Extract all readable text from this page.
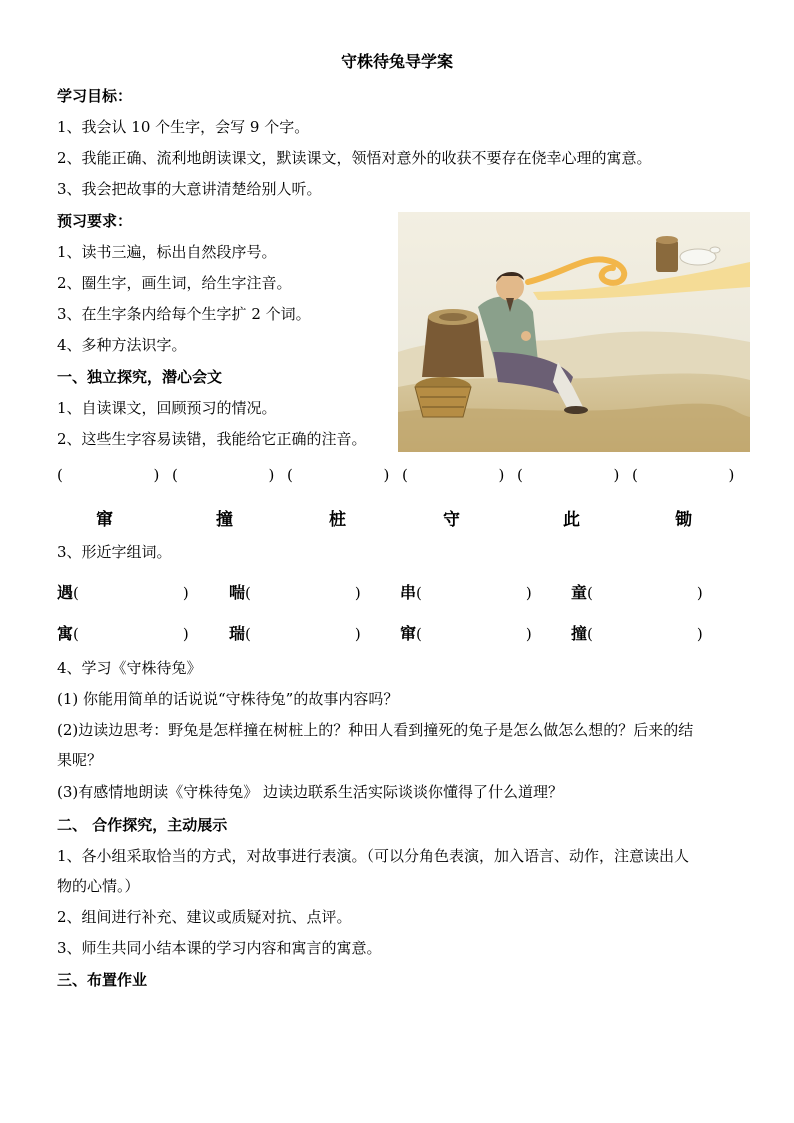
守株待兔导学案
学习目标：
1、我会认 10 个生字，会写 9 个字。
2、我能正确、流利地朗读课文，默读课文，领悟对意外的收获不要存在侥幸心理的寓意。
3、我会把故事的大意讲清楚给别人听。
预习要求：
1、读书三遍，标出自然段序号。
2、圈生字，画生词，给生字注音。
3、在生字条内给每个生字扩 2 个词。
4、多种方法识字。
一、独立探究，潜心会文
1、自读课文，回顾预习的情况。
2、这些生字容易读错，我能给它正确的注音。
(                   ) (                   ) (                   ) (                   ) (                   ) (                   )
窜	撞	桩	守	此	锄
3、形近字组词。
遇(	)	喘(	) 串(	) 童(	)
寓(	)	瑞(	) 窜(	) 撞(	)
4、学习《守株待兔》
(1) 你能用简单的话说说“守株待兔”的故事内容吗？
(2)边读边思考：野兔是怎样撞在树桩上的？种田人看到撞死的兔子是怎么做怎么想的？后来的结
果呢？
(3)有感情地朗读《守株待兔》 边读边联系生活实际谈谈你懂得了什么道理？
二、 合作探究，主动展示
1、各小组采取恰当的方式，对故事进行表演。（可以分角色表演，加入语言、动作，注意读出人
物的心情。）
2、组间进行补充、建议或质疑对抗、点评。
3、师生共同小结本课的学习内容和寓言的寓意。
三、布置作业
